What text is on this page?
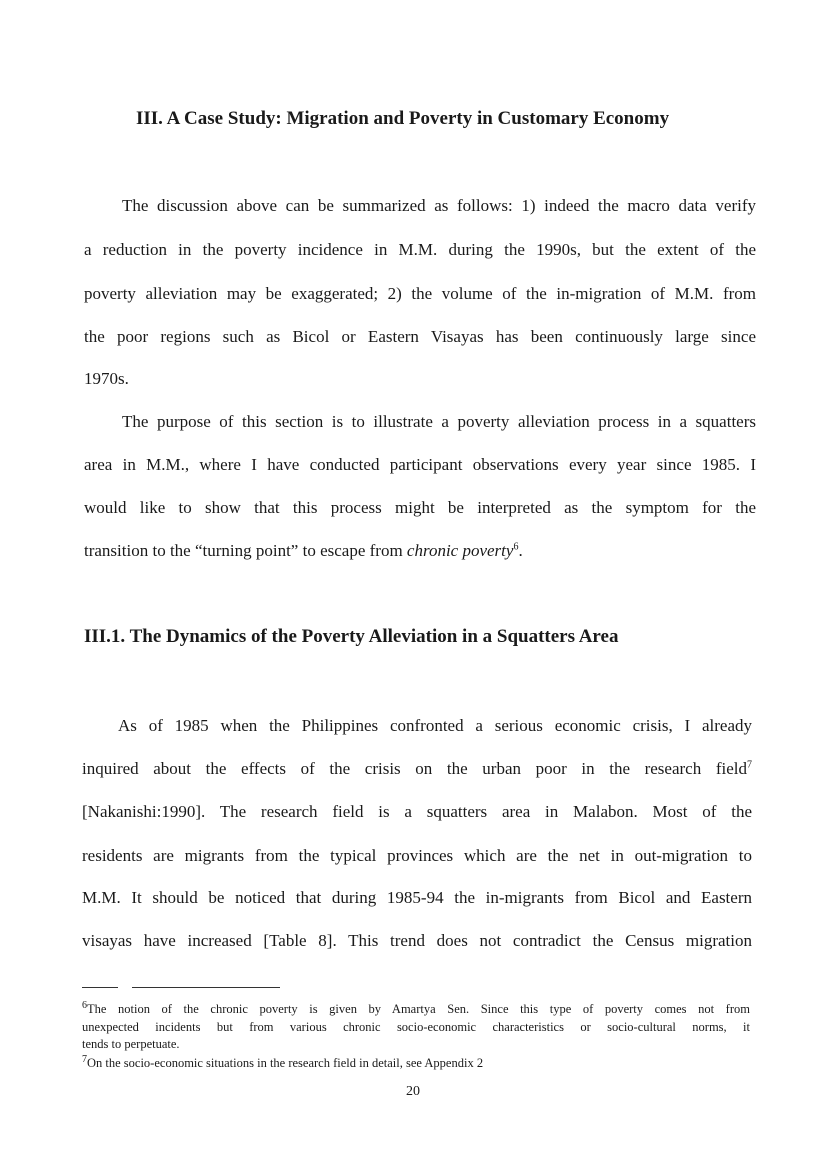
III. A Case Study: Migration and Poverty in Customary Economy
The discussion above can be summarized as follows: 1) indeed the macro data verify
a reduction in the poverty incidence in M.M. during the 1990s, but the extent of the
poverty alleviation may be exaggerated; 2) the volume of the in-migration of M.M. from
the poor regions such as Bicol or Eastern Visayas has been continuously large since
1970s.
The purpose of this section is to illustrate a poverty alleviation process in a squatters
area in M.M., where I have conducted participant observations every year since 1985. I
would like to show that this process might be interpreted as the symptom for the
transition to the “turning point” to escape from chronic poverty$^6$.
III.1. The Dynamics of the Poverty Alleviation in a Squatters Area
As of 1985 when the Philippines confronted a serious economic crisis, I already
inquired about the effects of the crisis on the urban poor in the research field$^7$
[Nakanishi:1990]. The research field is a squatters area in Malabon. Most of the
residents are migrants from the typical provinces which are the net in out-migration to
M.M. It should be noticed that during 1985-94 the in-migrants from Bicol and Eastern
visayas have increased [Table 8]. This trend does not contradict the Census migration
$^6$The notion of the chronic poverty is given by Amartya Sen. Since this type of poverty comes not from
unexpected incidents but from various chronic socio-economic characteristics or socio-cultural norms, it
tends to perpetuate.
$^7$On the socio-economic situations in the research field in detail, see Appendix 2
20
